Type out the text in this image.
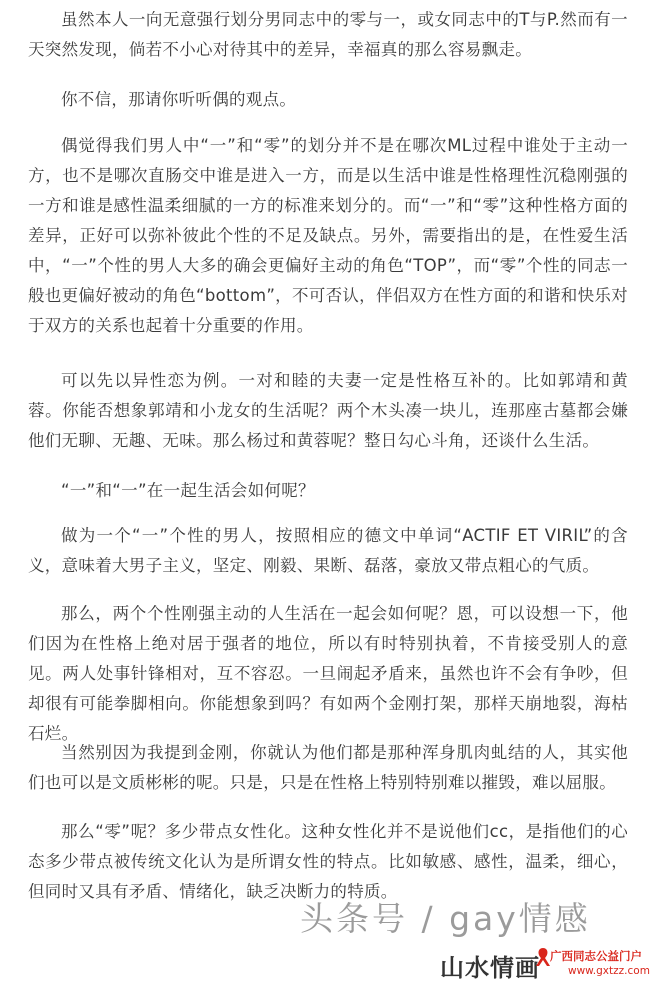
虽然本人一向无意强行划分男同志中的零与一，或女同志中的T与P.然而有一天突然发现，倘若不小心对待其中的差异，幸福真的那么容易飘走。

你不信，那请你听听偶的观点。

偶觉得我们男人中“一”和“零”的划分并不是在哪次ML过程中谁处于主动一方，也不是哪次直肠交中谁是进入一方，而是以生活中谁是性格理性沉稳刚强的一方和谁是感性温柔细腻的一方的标准来划分的。而“一”和“零”这种性格方面的差异，正好可以弥补彼此个性的不足及缺点。另外，需要指出的是，在性爱生活中，“一”个性的男人大多的确会更偏好主动的角色“TOP”，而“零”个性的同志一般也更偏好被动的角色“bottom”，不可否认，伴侣双方在性方面的和谐和快乐对于双方的关系也起着十分重要的作用。

可以先以异性恋为例。一对和睦的夫妻一定是性格互补的。比如郭靖和黄蓉。你能否想象郭靖和小龙女的生活呢？两个木头凑一块儿，连那座古墓都会嫌他们无聊、无趣、无味。那么杨过和黄蓉呢？整日勾心斗角，还谈什么生活。

“一”和“一”在一起生活会如何呢？

做为一个“一”个性的男人，按照相应的德文中单词“ACTIF ET VIRIL”的含义，意味着大男子主义，坚定、刚毅、果断、磊落，豪放又带点粗心的气质。

那么，两个个性刚强主动的人生活在一起会如何呢？恩，可以设想一下，他们因为在性格上绝对居于强者的地位，所以有时特别执着，不肯接受别人的意见。两人处事针锋相对，互不容忍。一旦闹起矛盾来，虽然也许不会有争吵，但却很有可能拳脚相向。你能想象到吗？有如两个金刚打架，那样天崩地裂，海枯石烂。

当然别因为我提到金刚，你就认为他们都是那种浑身肌肉虬结的人，其实他们也可以是文质彬彬的呢。只是，只是在性格上特别特别难以摧毁，难以屈服。

那么“零”呢？多少带点女性化。这种女性化并不是说他们cc，是指他们的心态多少带点被传统文化认为是所谓女性的特点。比如敏感、感性，温柔，细心，但同时又具有矛盾、情绪化，缺乏决断力的特质。

头条号 / gay情感
山水情画 广西同志公益门户
www.gxtzz.com
